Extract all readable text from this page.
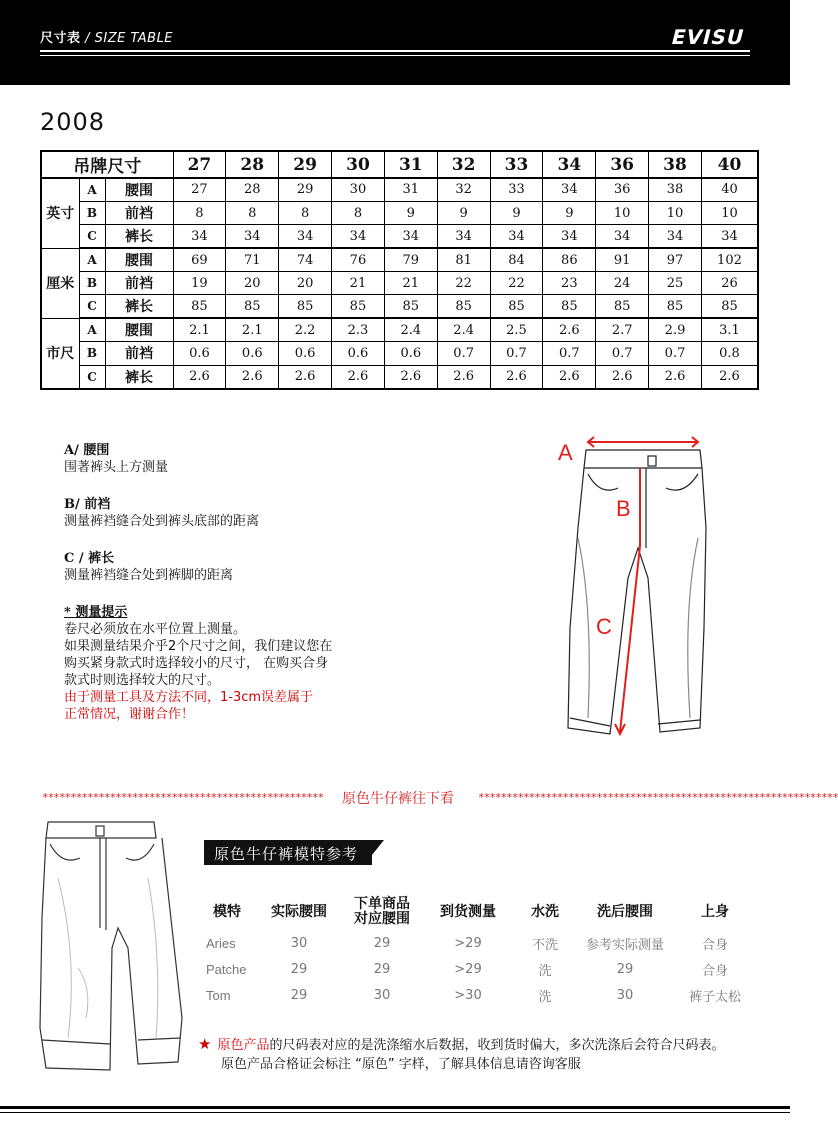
尺寸表 / SIZE TABLE	EVISU
2008
吊牌尺寸			27	28	29	30	31	32	33	34	36	38	40
英寸	A	腰围	27	28	29	30	31	32	33	34	36	38	40
	B	前裆	8	8	8	8	9	9	9	9	10	10	10
	C	裤长	34	34	34	34	34	34	34	34	34	34	34
厘米	A	腰围	69	71	74	76	79	81	84	86	91	97	102
	B	前裆	19	20	20	21	21	22	22	23	24	25	26
	C	裤长	85	85	85	85	85	85	85	85	85	85	85
市尺	A	腰围	2.1	2.1	2.2	2.3	2.4	2.4	2.5	2.6	2.7	2.9	3.1
	B	前裆	0.6	0.6	0.6	0.6	0.6	0.7	0.7	0.7	0.7	0.7	0.8
	C	裤长	2.6	2.6	2.6	2.6	2.6	2.6	2.6	2.6	2.6	2.6	2.6
A/ 腰围
围著裤头上方测量
B/ 前裆
测量裤裆缝合处到裤头底部的距离
C / 裤长
测量裤裆缝合处到裤脚的距离
* 测量提示
卷尺必须放在水平位置上测量。
如果测量结果介乎2个尺寸之间，我们建议您在
购买紧身款式时选择较小的尺寸， 在购买合身
款式时则选择较大的尺寸。
由于测量工具及方法不同，1-3cm误差属于
正常情况，谢谢合作！
A
B
C
************************************************** 原色牛仔裤往下看 ****************************************************************
原色牛仔裤模特参考
模特	实际腰围	下单商品
对应腰围	到货测量	水洗	洗后腰围	上身
Aries	30	29	>29	不洗	参考实际测量	合身
Patche	29	29	>29	洗	29	合身
Tom	29	30	>30	洗	30	裤子太松
★ 原色产品的尺码表对应的是洗涤缩水后数据，收到货时偏大，多次洗涤后会符合尺码表。
原色产品合格证会标注 “原色” 字样，了解具体信息请咨询客服
